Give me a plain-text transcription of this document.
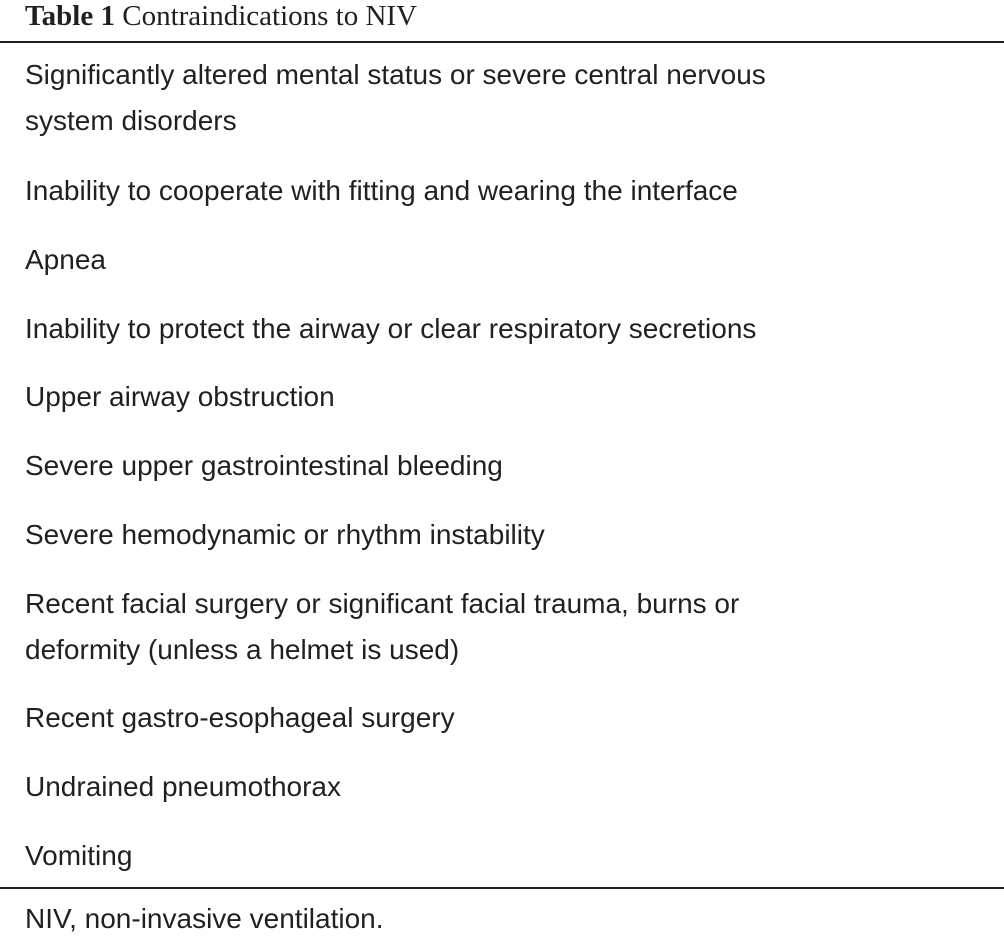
Table 1 Contraindications to NIV
Significantly altered mental status or severe central nervous
system disorders
Inability to cooperate with fitting and wearing the interface
Apnea
Inability to protect the airway or clear respiratory secretions
Upper airway obstruction
Severe upper gastrointestinal bleeding
Severe hemodynamic or rhythm instability
Recent facial surgery or significant facial trauma, burns or
deformity (unless a helmet is used)
Recent gastro-esophageal surgery
Undrained pneumothorax
Vomiting
NIV, non-invasive ventilation.
